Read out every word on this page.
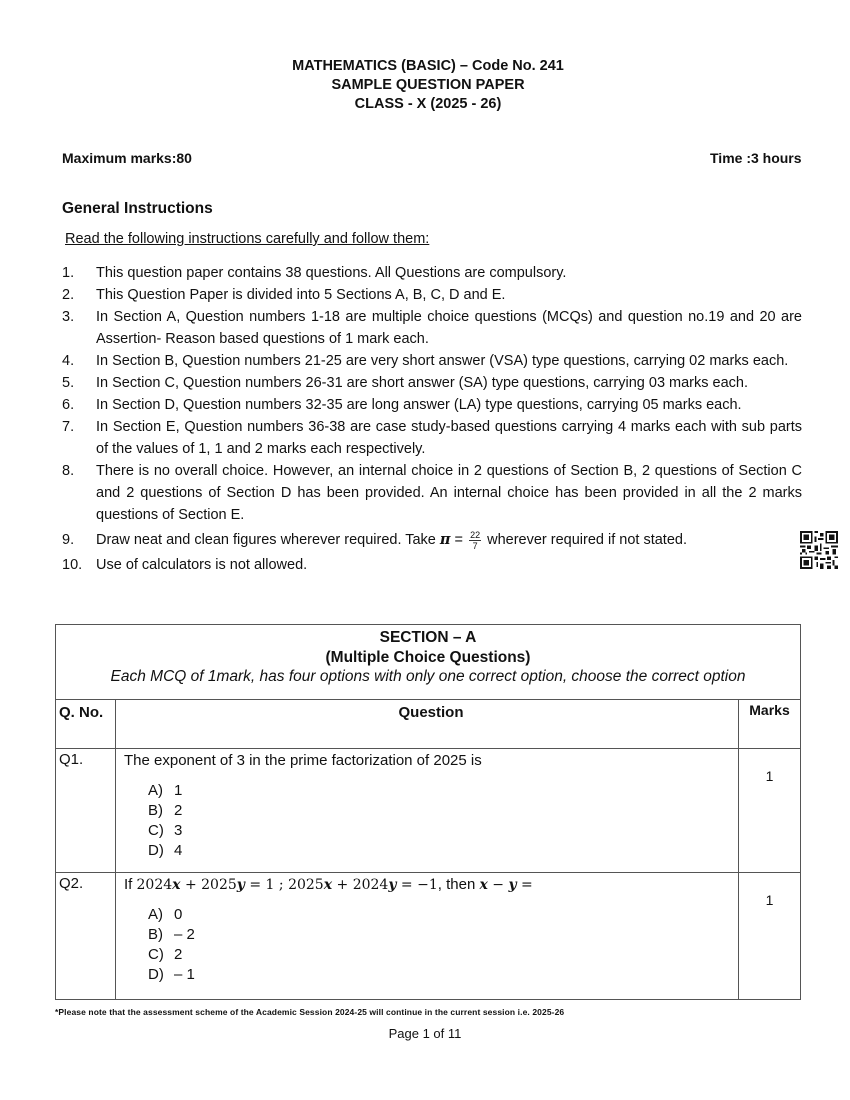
MATHEMATICS (BASIC) – Code No. 241
SAMPLE QUESTION PAPER
CLASS - X (2025 - 26)
Maximum marks:80	Time :3 hours
General Instructions
Read the following instructions carefully and follow them:
1.	This question paper contains 38 questions. All Questions are compulsory.
2.	This Question Paper is divided into 5 Sections A, B, C, D and E.
3.	In Section A, Question numbers 1-18 are multiple choice questions (MCQs) and question no.19 and 20 are Assertion- Reason based questions of 1 mark each.
4.	In Section B, Question numbers 21-25 are very short answer (VSA) type questions, carrying 02 marks each.
5.	In Section C, Question numbers 26-31 are short answer (SA) type questions, carrying 03 marks each.
6.	In Section D, Question numbers 32-35 are long answer (LA) type questions, carrying 05 marks each.
7.	In Section E, Question numbers 36-38 are case study-based questions carrying 4 marks each with sub parts of the values of 1, 1 and 2 marks each respectively.
8.	There is no overall choice. However, an internal choice in 2 questions of Section B, 2 questions of Section C and 2 questions of Section D has been provided. An internal choice has been provided in all the 2 marks questions of Section E.
9.	Draw neat and clean figures wherever required. Take $\pi = \frac{22}{7}$ wherever required if not stated.
10. Use of calculators is not allowed.
SECTION – A
(Multiple Choice Questions)
Each MCQ of 1mark, has four options with only one correct option, choose the correct option
Q. No.	Question	Marks
Q1.	The exponent of 3 in the prime factorization of 2025 is
A) 1
B) 2
C) 3
D) 4
1
Q2.	If 2024x + 2025y = 1 ; 2025x + 2024y = −1, then x − y =
A) 0
B) – 2
C) 2
D) – 1
1
*Please note that the assessment scheme of the Academic Session 2024-25 will continue in the current session i.e. 2025-26
Page 1 of 11
